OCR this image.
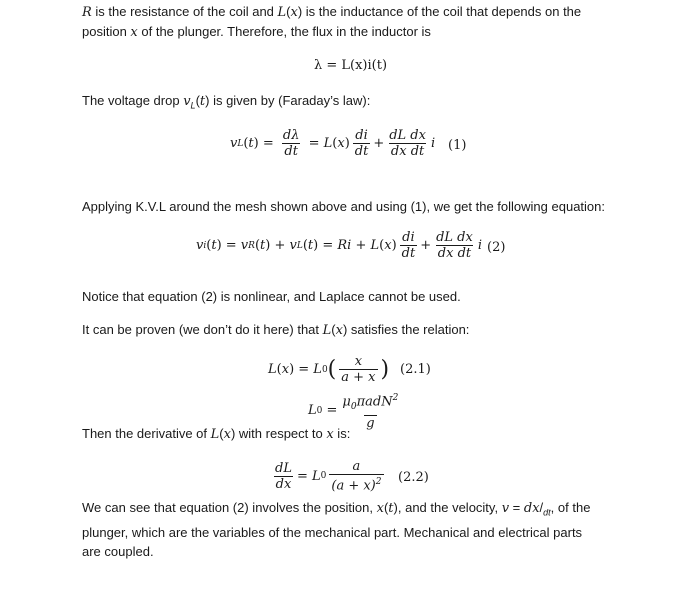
R is the resistance of the coil and L(x) is the inductance of the coil that depends on the position x of the plunger. Therefore, the flux in the inductor is
λ = L(x)i(t)
The voltage drop $v_L(t)$ is given by (Faraday’s law):
v L ( t ) = $\frac{d\lambda}{dt} = L$ ( x ) $\frac{di}{dt} + \frac{\text{dL dx}}{\text{dx dt}}$ i (1)
Applying K.V.L around the mesh shown above and using (1), we get the following equation:
v i ( t ) = v R ( t ) + v L ( t ) = Ri + L ( x ) $\frac{di}{dt} + \frac{\text{dL dx}}{\text{dx dt}}$ i (2)
Notice that equation (2) is nonlinear, and Laplace cannot be used.
It can be proven (we don’t do it here) that L(x) satisfies the relation:
L ( x ) = L 0 ( $\frac{x}{a + x}$ ) (2.1)
L $0 = \frac{\mu_0\pi adN^2}{g}$
Then the derivative of L(x) with respect to x is:
$\frac{dL}{dx} = L$ $0 \frac{a}{(a + x)^2} (2.2)$
We can see that equation (2) involves the position, x(t), and the velocity, $v = dx/_{dt}$, of the plunger, which are the variables of the mechanical part. Mechanical and electrical parts are coupled.
